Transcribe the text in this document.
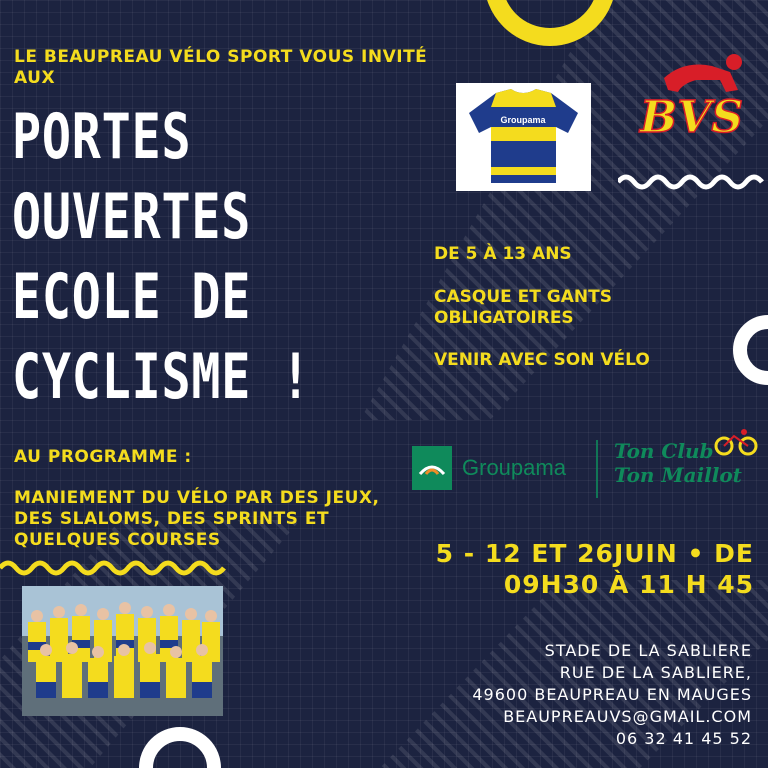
LE BEAUPREAU VÉLO SPORT VOUS INVITÉ AUX

PORTES
OUVERTES
ECOLE DE
CYCLISME !

AU PROGRAMME :

MANIEMENT DU VÉLO PAR DES JEUX, DES SLALOMS, DES SPRINTS ET QUELQUES COURSES

Groupama BVS

DE 5 À 13 ANS

CASQUE ET GANTS OBLIGATOIRES

VENIR AVEC SON VÉLO

Groupama

Ton Club

Ton Maillot

5 - 12 ET 26JUIN • DE
09H30 À 11 H 45

STADE DE LA SABLIERE
RUE DE LA SABLIERE,
49600 BEAUPREAU EN MAUGES
BEAUPREAUVS@GMAIL.COM
06 32 41 45 52
